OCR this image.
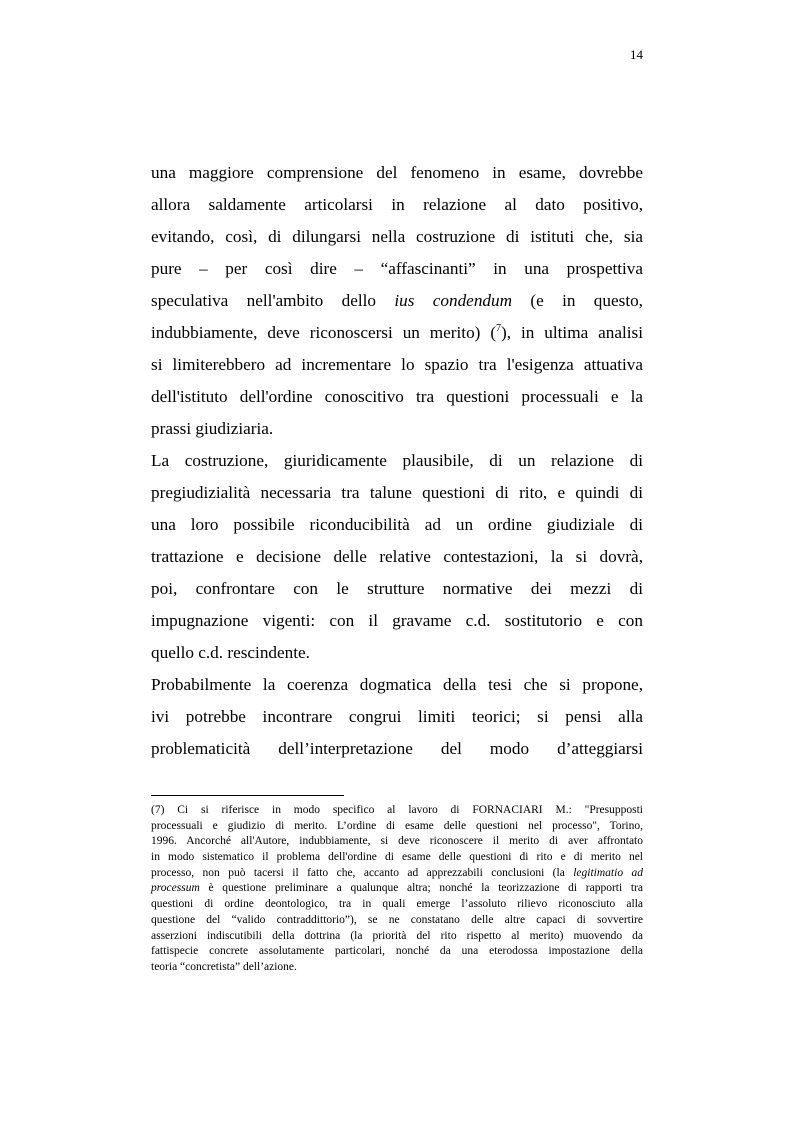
14
una maggiore comprensione del fenomeno in esame, dovrebbe
allora saldamente articolarsi in relazione al dato positivo,
evitando, così, di dilungarsi nella costruzione di istituti che, sia
pure – per così dire – “affascinanti” in una prospettiva
speculativa nell'ambito dello ius condendum (e in questo,
indubbiamente, deve riconoscersi un merito) ($^7$), in ultima analisi
si limiterebbero ad incrementare lo spazio tra l'esigenza attuativa
dell'istituto dell'ordine conoscitivo tra questioni processuali e la
prassi giudiziaria.
La costruzione, giuridicamente plausibile, di un relazione di
pregiudizialità necessaria tra talune questioni di rito, e quindi di
una loro possibile riconducibilità ad un ordine giudiziale di
trattazione e decisione delle relative contestazioni, la si dovrà,
poi, confrontare con le strutture normative dei mezzi di
impugnazione vigenti: con il gravame c.d. sostitutorio e con
quello c.d. rescindente.
Probabilmente la coerenza dogmatica della tesi che si propone,
ivi potrebbe incontrare congrui limiti teorici; si pensi alla
problematicità dell’interpretazione del modo d’atteggiarsi
(7) Ci si riferisce in modo specifico al lavoro di FORNACIARI M.: "Presupposti
processuali e giudizio di merito. L’ordine di esame delle questioni nel processo", Torino,
1996. Ancorché all'Autore, indubbiamente, si deve riconoscere il merito di aver affrontato
in modo sistematico il problema dell'ordine di esame delle questioni di rito e di merito nel
processo, non può tacersi il fatto che, accanto ad apprezzabili conclusioni (la legitimatio ad
processum è questione preliminare a qualunque altra; nonché la teorizzazione di rapporti tra
questioni di ordine deontologico, tra in quali emerge l’assoluto rilievo riconosciuto alla
questione del “valido contraddittorio”), se ne constatano delle altre capaci di sovvertire
asserzioni indiscutibili della dottrina (la priorità del rito rispetto al merito) muovendo da
fattispecie concrete assolutamente particolari, nonché da una eterodossa impostazione della
teoria “concretista” dell’azione.
